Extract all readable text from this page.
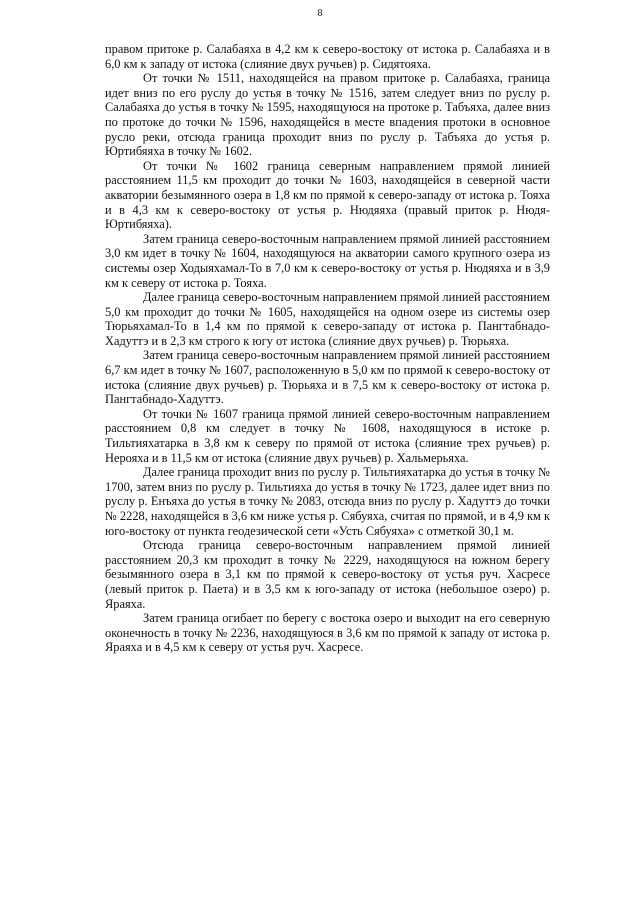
8

правом притоке р. Салабаяха в 4,2 км к северо-востоку от истока р. Салабаяха и в 6,0 км к западу от истока (слияние двух ручьев) р. Сидятояха.

От точки № 1511, находящейся на правом притоке р. Салабаяха, граница идет вниз по его руслу до устья в точку № 1516, затем следует вниз по руслу р. Салабаяха до устья в точку № 1595, находящуюся на протоке р. Табъяха, далее вниз по протоке до точки № 1596, находящейся в месте впадения протоки в основное русло реки, отсюда граница проходит вниз по руслу р. Табъяха до устья р. Юртибяяха в точку № 1602.

От точки № 1602 граница северным направлением прямой линией расстоянием 11,5 км проходит до точки № 1603, находящейся в северной части акватории безымянного озера в 1,8 км по прямой к северо-западу от истока р. Тояха и в 4,3 км к северо-востоку от устья р. Нюдяяха (правый приток р. Нюдя-Юртибяяха).

Затем граница северо-восточным направлением прямой линией расстоянием 3,0 км идет в точку № 1604, находящуюся на акватории самого крупного озера из системы озер Ходыяхамал-То в 7,0 км к северо-востоку от устья р. Нюдяяха и в 3,9 км к северу от истока р. Тояха.

Далее граница северо-восточным направлением прямой линией расстоянием 5,0 км проходит до точки № 1605, находящейся на одном озере из системы озер Тюрьяхамал-То в 1,4 км по прямой к северо-западу от истока р. Пангтабнадо-Хадуттэ и в 2,3 км строго к югу от истока (слияние двух ручьев) р. Тюрьяха.

Затем граница северо-восточным направлением прямой линией расстоянием 6,7 км идет в точку № 1607, расположенную в 5,0 км по прямой к северо-востоку от истока (слияние двух ручьев) р. Тюрьяха и в 7,5 км к северо-востоку от истока р. Пангтабнадо-Хадуттэ.

От точки № 1607 граница прямой линией северо-восточным направлением расстоянием 0,8 км следует в точку № 1608, находящуюся в истоке р. Тильтияхатарка в 3,8 км к северу по прямой от истока (слияние трех ручьев) р. Нерояха и в 11,5 км от истока (слияние двух ручьев) р. Хальмерьяха.

Далее граница проходит вниз по руслу р. Тильтияхатарка до устья в точку № 1700, затем вниз по руслу р. Тильтияха до устья в точку № 1723, далее идет вниз по руслу р. Енъяха до устья в точку № 2083, отсюда вниз по руслу р. Хадуттэ до точки № 2228, находящейся в 3,6 км ниже устья р. Сябуяха, считая по прямой, и в 4,9 км к юго-востоку от пункта геодезической сети «Усть Сябуяха» с отметкой 30,1 м.

Отсюда граница северо-восточным направлением прямой линией расстоянием 20,3 км проходит в точку № 2229, находящуюся на южном берегу безымянного озера в 3,1 км по прямой к северо-востоку от устья руч. Хасресе (левый приток р. Паета) и в 3,5 км к юго-западу от истока (небольшое озеро) р. Яраяха.

Затем граница огибает по берегу с востока озеро и выходит на его северную оконечность в точку № 2236, находящуюся в 3,6 км по прямой к западу от истока р. Яраяха и в 4,5 км к северу от устья руч. Хасресе.
